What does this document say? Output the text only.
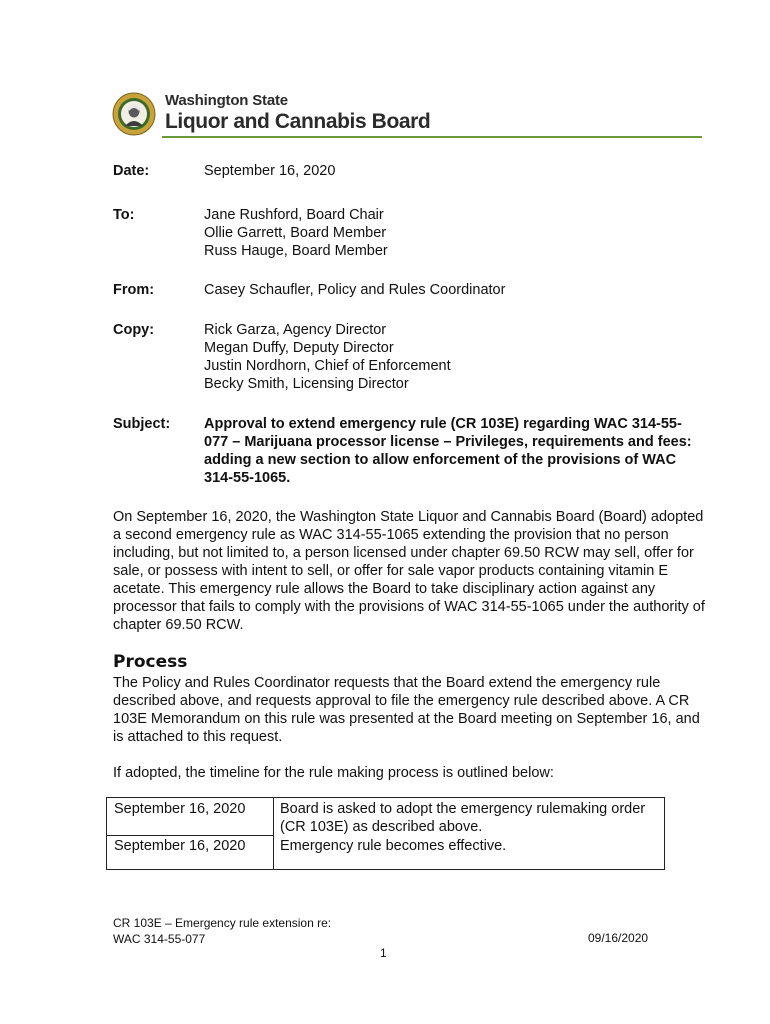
Washington State
Liquor and Cannabis Board
Date:	September 16, 2020
To:	Jane Rushford, Board Chair
Ollie Garrett, Board Member
Russ Hauge, Board Member
From:	Casey Schaufler, Policy and Rules Coordinator
Copy:	Rick Garza, Agency Director
Megan Duffy, Deputy Director
Justin Nordhorn, Chief of Enforcement
Becky Smith, Licensing Director
Subject: Approval to extend emergency rule (CR 103E) regarding WAC 314-55-077 – Marijuana processor license – Privileges, requirements and fees: adding a new section to allow enforcement of the provisions of WAC 314-55-1065.
On September 16, 2020, the Washington State Liquor and Cannabis Board (Board) adopted a second emergency rule as WAC 314-55-1065 extending the provision that no person including, but not limited to, a person licensed under chapter 69.50 RCW may sell, offer for sale, or possess with intent to sell, or offer for sale vapor products containing vitamin E acetate. This emergency rule allows the Board to take disciplinary action against any processor that fails to comply with the provisions of WAC 314-55-1065 under the authority of chapter 69.50 RCW.
Process
The Policy and Rules Coordinator requests that the Board extend the emergency rule described above, and requests approval to file the emergency rule described above. A CR 103E Memorandum on this rule was presented at the Board meeting on September 16, and is attached to this request.
If adopted, the timeline for the rule making process is outlined below:
September 16, 2020 Board is asked to adopt the emergency rulemaking order (CR 103E) as described above.
September 16, 2020 Emergency rule becomes effective.
CR 103E – Emergency rule extension re:
WAC 314-55-077	09/16/2020
1
